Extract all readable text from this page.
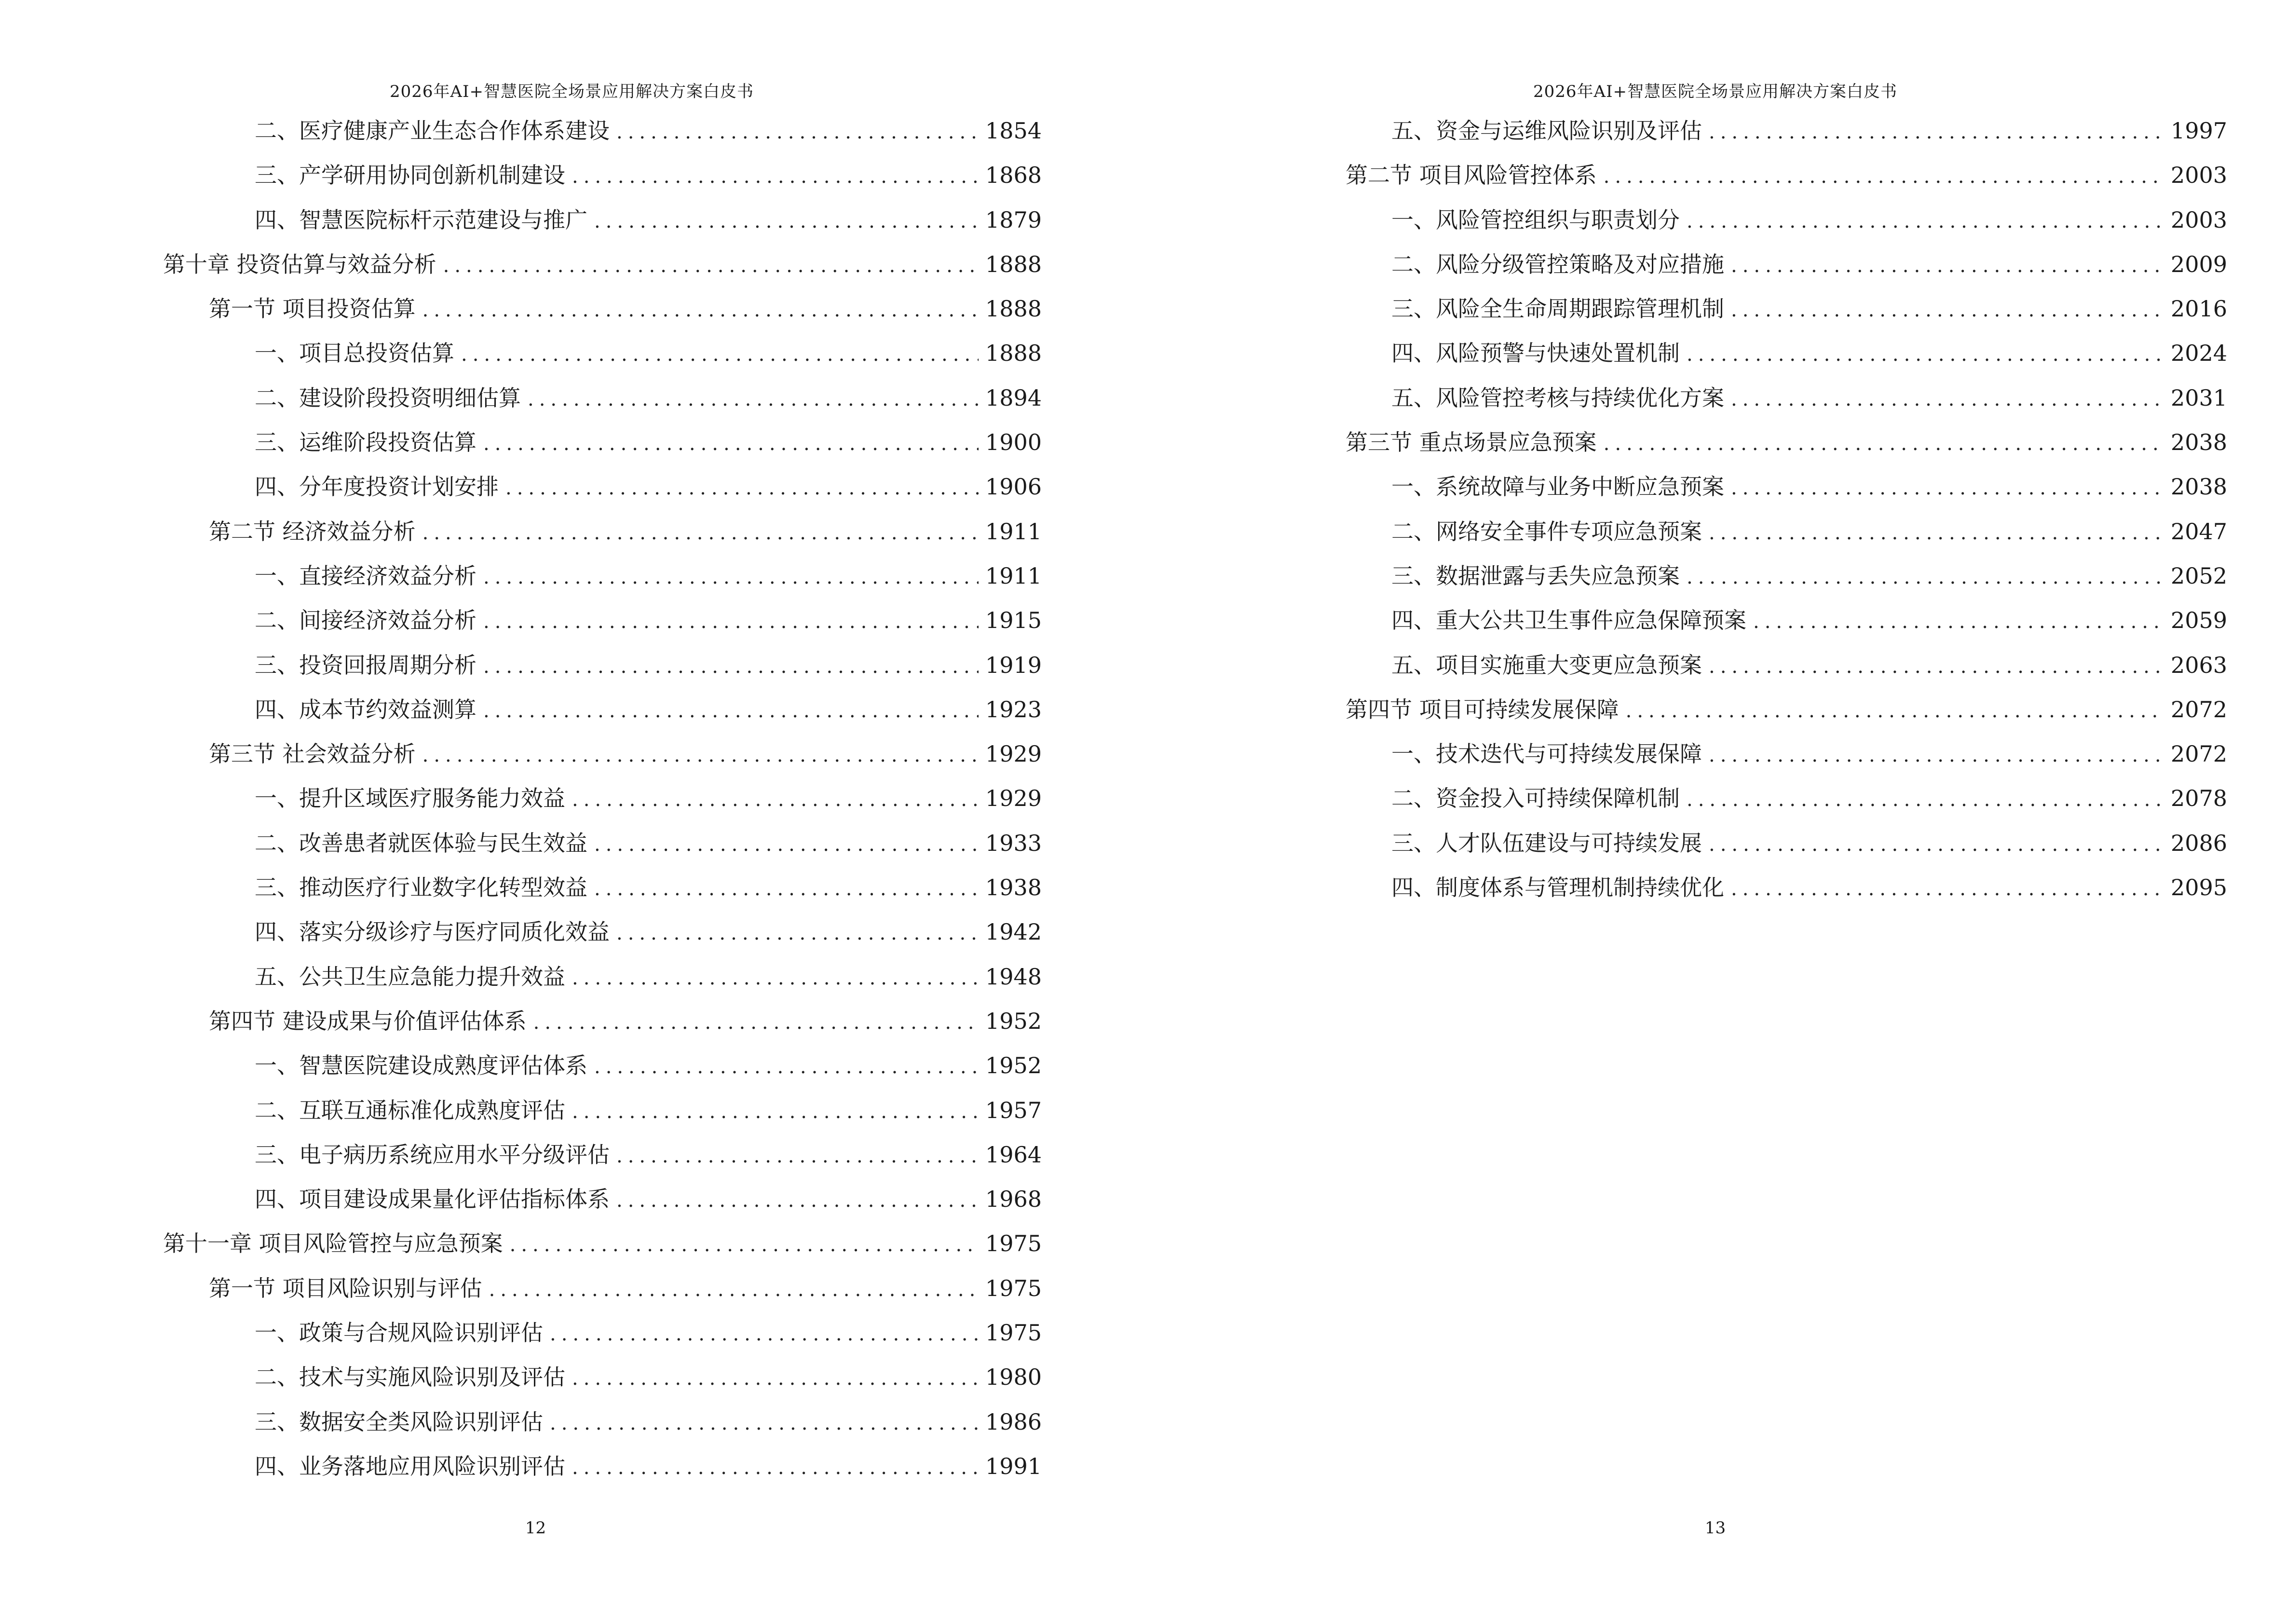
2026年AI+智慧医院全场景应用解决方案白皮书
二、医疗健康产业生态合作体系建设 .....	1854
三、产学研用协同创新机制建设 .....	1868
四、智慧医院标杆示范建设与推广 .....	1879
第十章 投资估算与效益分析 .....	1888
第一节 项目投资估算 .....	1888
一、项目总投资估算 .....	1888
二、建设阶段投资明细估算 .....	1894
三、运维阶段投资估算 .....	1900
四、分年度投资计划安排 .....	1906
第二节 经济效益分析 .....	1911
一、直接经济效益分析 .....	1911
二、间接经济效益分析 .....	1915
三、投资回报周期分析 .....	1919
四、成本节约效益测算 .....	1923
第三节 社会效益分析 .....	1929
一、提升区域医疗服务能力效益 .....	1929
二、改善患者就医体验与民生效益 .....	1933
三、推动医疗行业数字化转型效益 .....	1938
四、落实分级诊疗与医疗同质化效益 .....	1942
五、公共卫生应急能力提升效益 .....	1948
第四节 建设成果与价值评估体系 .....	1952
一、智慧医院建设成熟度评估体系 .....	1952
二、互联互通标准化成熟度评估 .....	1957
三、电子病历系统应用水平分级评估 .....	1964
四、项目建设成果量化评估指标体系 .....	1968
第十一章 项目风险管控与应急预案 .....	1975
第一节 项目风险识别与评估 .....	1975
一、政策与合规风险识别评估 .....	1975
二、技术与实施风险识别及评估 .....	1980
三、数据安全类风险识别评估 .....	1986
四、业务落地应用风险识别评估 .....	1991
12
2026年AI+智慧医院全场景应用解决方案白皮书
五、资金与运维风险识别及评估 .....	1997
第二节 项目风险管控体系 .....	2003
一、风险管控组织与职责划分 .....	2003
二、风险分级管控策略及对应措施 .....	2009
三、风险全生命周期跟踪管理机制 .....	2016
四、风险预警与快速处置机制 .....	2024
五、风险管控考核与持续优化方案 .....	2031
第三节 重点场景应急预案 .....	2038
一、系统故障与业务中断应急预案 .....	2038
二、网络安全事件专项应急预案 .....	2047
三、数据泄露与丢失应急预案 .....	2052
四、重大公共卫生事件应急保障预案 .....	2059
五、项目实施重大变更应急预案 .....	2063
第四节 项目可持续发展保障 .....	2072
一、技术迭代与可持续发展保障 .....	2072
二、资金投入可持续保障机制 .....	2078
三、人才队伍建设与可持续发展 .....	2086
四、制度体系与管理机制持续优化 .....	2095
13
